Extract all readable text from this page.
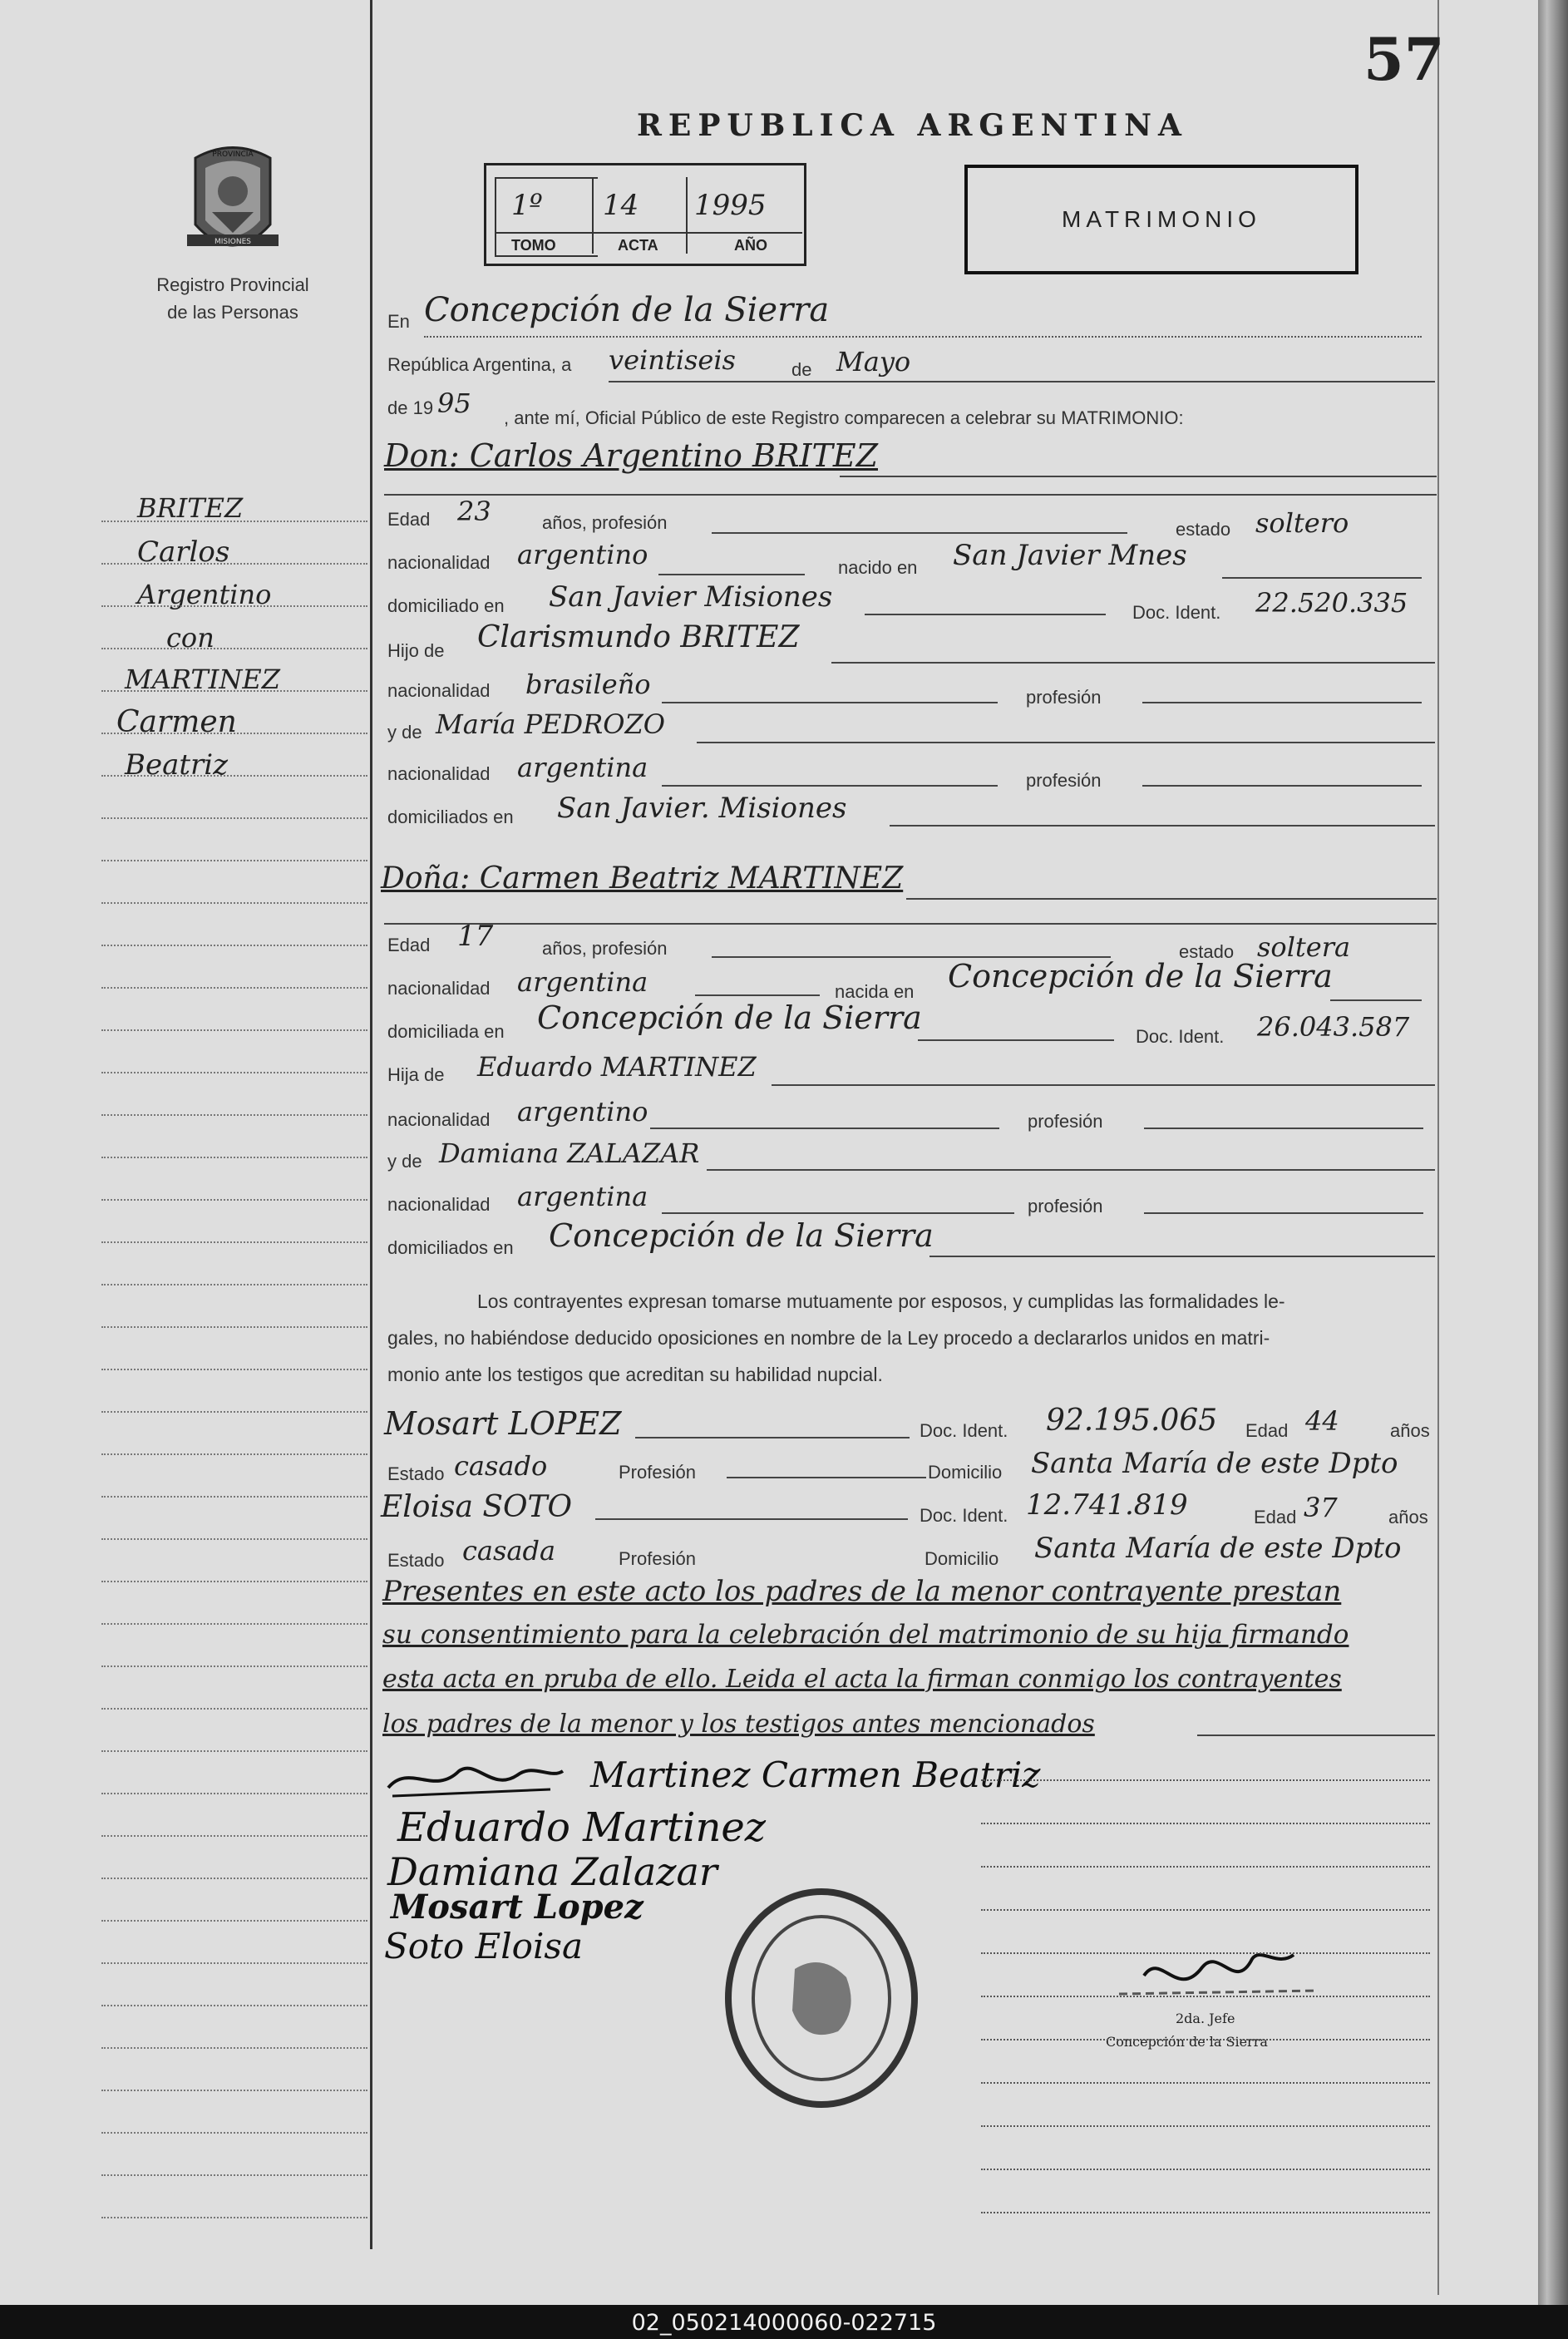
57
PROVINCIA
MISIONES
Registro Provincial
de las Personas
REPUBLICA ARGENTINA
1º 14 1995
TOMO	ACTA	AÑO
MATRIMONIO
BRITEZ
Carlos
Argentino
con
MARTINEZ
Carmen
Beatriz
En Concepción de la Sierra
República Argentina, a veintiseis	de Mayo
de 19 95 , ante mí, Oficial Público de este Registro comparecen a celebrar su MATRIMONIO:
Don: Carlos Argentino BRITEZ
Edad 23	años, profesión	estado soltero
nacionalidad argentino	nacido en San Javier Mnes
domiciliado en San Javier Misiones	Doc. Ident. 22.520.335
Hijo de Clarismundo BRITEZ
nacionalidad brasileño	profesión
y de María PEDROZO
nacionalidad argentina	profesión
domiciliados en San Javier. Misiones
Doña: Carmen Beatriz MARTINEZ
Edad 17	años, profesión	estado soltera
nacionalidad argentina	nacida en Concepción de la Sierra
domiciliada en Concepción de la Sierra
Doc. Ident. 26.043.587
Hija de Eduardo MARTINEZ
nacionalidad argentino	profesión
y de Damiana ZALAZAR
nacionalidad argentina	profesión
domiciliados en Concepción de la Sierra
Los contrayentes expresan tomarse mutuamente por esposos, y cumplidas las formalidades le-
gales, no habiéndose deducido oposiciones en nombre de la Ley procedo a declararlos unidos en matri-
monio ante los testigos que acreditan su habilidad nupcial.
Mosart LOPEZ	Doc. Ident. 92.195.065 Edad 44	años
Estado casado	Profesión	Domicilio Santa María de este Dpto
Eloisa SOTO	Doc. Ident. 12.741.819	Edad 37	años
Estado casada	Profesión	Domicilio Santa María de este Dpto
Presentes en este acto los padres de la menor contrayente prestan
su consentimiento para la celebración del matrimonio de su hija firmando
esta acta en pruba de ello. Leida el acta la firman conmigo los contrayentes
los padres de la menor y los testigos antes mencionados
Martinez Carmen Beatriz
Eduardo Martinez
Damiana Zalazar
Mosart Lopez
Soto Eloisa
2da. Jefe
Concepción de la Sierra
02_050214000060-022715
